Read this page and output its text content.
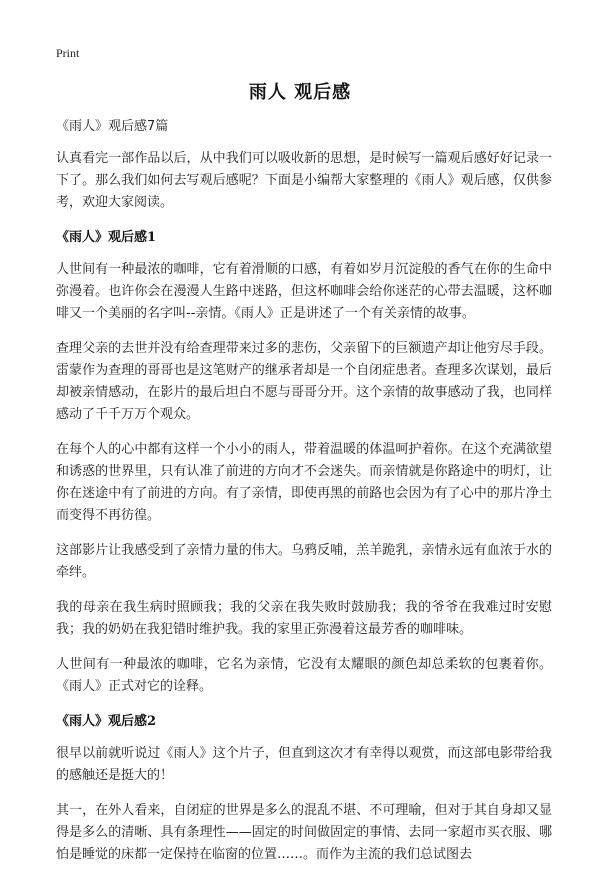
Print
雨人 观后感

《雨人》观后感7篇

认真看完一部作品以后，从中我们可以吸收新的思想，是时候写一篇观后感好好记录一下了。那么我们如何去写观后感呢？下面是小编帮大家整理的《雨人》观后感，仅供参考，欢迎大家阅读。

《雨人》观后感1

人世间有一种最浓的咖啡，它有着滑顺的口感，有着如岁月沉淀般的香气在你的生命中弥漫着。也许你会在漫漫人生路中迷路，但这杯咖啡会给你迷茫的心带去温暖，这杯咖啡又一个美丽的名字叫--亲情。《雨人》正是讲述了一个有关亲情的故事。

查理父亲的去世并没有给查理带来过多的悲伤，父亲留下的巨额遗产却让他穷尽手段。雷蒙作为查理的哥哥也是这笔财产的继承者却是一个自闭症患者。查理多次谋划，最后却被亲情感动，在影片的最后坦白不愿与哥哥分开。这个亲情的故事感动了我，也同样感动了千千万万个观众。

在每个人的心中都有这样一个小小的雨人，带着温暖的体温呵护着你。在这个充满欲望和诱惑的世界里，只有认准了前进的方向才不会迷失。而亲情就是你路途中的明灯，让你在迷途中有了前进的方向。有了亲情，即使再黑的前路也会因为有了心中的那片净土而变得不再彷徨。

这部影片让我感受到了亲情力量的伟大。乌鸦反哺，羔羊跪乳，亲情永远有血浓于水的牵绊。

我的母亲在我生病时照顾我；我的父亲在我失败时鼓励我；我的爷爷在我难过时安慰我；我的奶奶在我犯错时维护我。我的家里正弥漫着这最芳香的咖啡味。

人世间有一种最浓的咖啡，它名为亲情，它没有太耀眼的颜色却总柔软的包裹着你。《雨人》正式对它的诠释。

《雨人》观后感2

很早以前就听说过《雨人》这个片子，但直到这次才有幸得以观赏，而这部电影带给我的感触还是挺大的！

其一，在外人看来，自闭症的世界是多么的混乱不堪、不可理喻，但对于其自身却又显得是多么的清晰、具有条理性——固定的时间做固定的事情、去同一家超市买衣服、哪怕是睡觉的床都一定保持在临窗的位置……。而作为主流的我们总试图去
